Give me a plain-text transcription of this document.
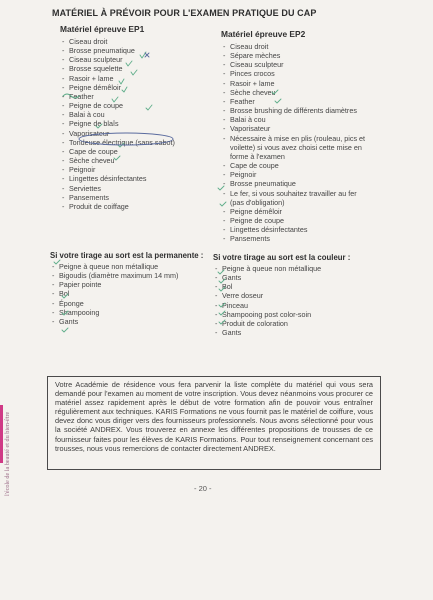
MATÉRIEL À PRÉVOIR POUR L'EXAMEN PRATIQUE DU CAP
Matériel épreuve EP1
- Ciseau droit
- Brosse pneumatique
- Ciseau sculpteur
- Brosse squelette
- Rasoir + lame
- Peigne démêloir
- Feather
- Peigne de coupe
- Balai à cou
- Peigne de blaîs
- Vaporisateur
- Tondeuse électrique (sans sabot)
- Cape de coupe
- Sèche cheveu
- Peignoir
- Lingettes désinfectantes
- Serviettes
- Pansements
- Produit de coiffage
Matériel épreuve EP2
- Ciseau droit
- Sépare mèches
- Ciseau sculpteur
- Pinces crocos
- Rasoir + lame
- Sèche cheveu
- Feather
- Brosse brushing de différents diamètres
- Balai à cou
- Vaporisateur
- Nécessaire à mise en plis (rouleau, pics et
voilette) si vous avez choisi cette mise en
forme à l'examen
- Cape de coupe
- Peignoir
- Brosse pneumatique
- Le fer, si vous souhaitez travailler au fer
(pas d'obligation)
- Peigne démêloir
- Peigne de coupe
- Lingettes désinfectantes
- Pansements
Si votre tirage au sort est la permanente :
- Peigne à queue non métallique
- Bigoudis (diamètre maximum 14 mm)
- Papier pointe
- Bol
- Éponge
- Shampooing
- Gants
Si votre tirage au sort est la couleur :
- Peigne à queue non métallique
- Gants
- Bol
- Verre doseur
- Pinceau
- Shampooing post color-soin
- Produit de coloration
- Gants
Votre Académie de résidence vous fera parvenir la liste complète du matériel qui vous sera demandé pour l'examen au moment de votre inscription. Vous devez néanmoins vous procurer ce matériel assez rapidement après le début de votre formation afin de pouvoir vous entraîner régulièrement aux techniques. KARIS Formations ne vous fournit pas le matériel de coiffure, vous devez donc vous diriger vers des fournisseurs professionnels. Nous avons sélectionné pour vous la société ANDREX. Vous trouverez en annexe les différentes propositions de trousses de ce fournisseur faites pour les élèves de KARIS Formations. Pour tout renseignement concernant ces trousses, nous vous remercions de contacter directement ANDREX.
- 20 -
l'école de la beauté et du bien-être
